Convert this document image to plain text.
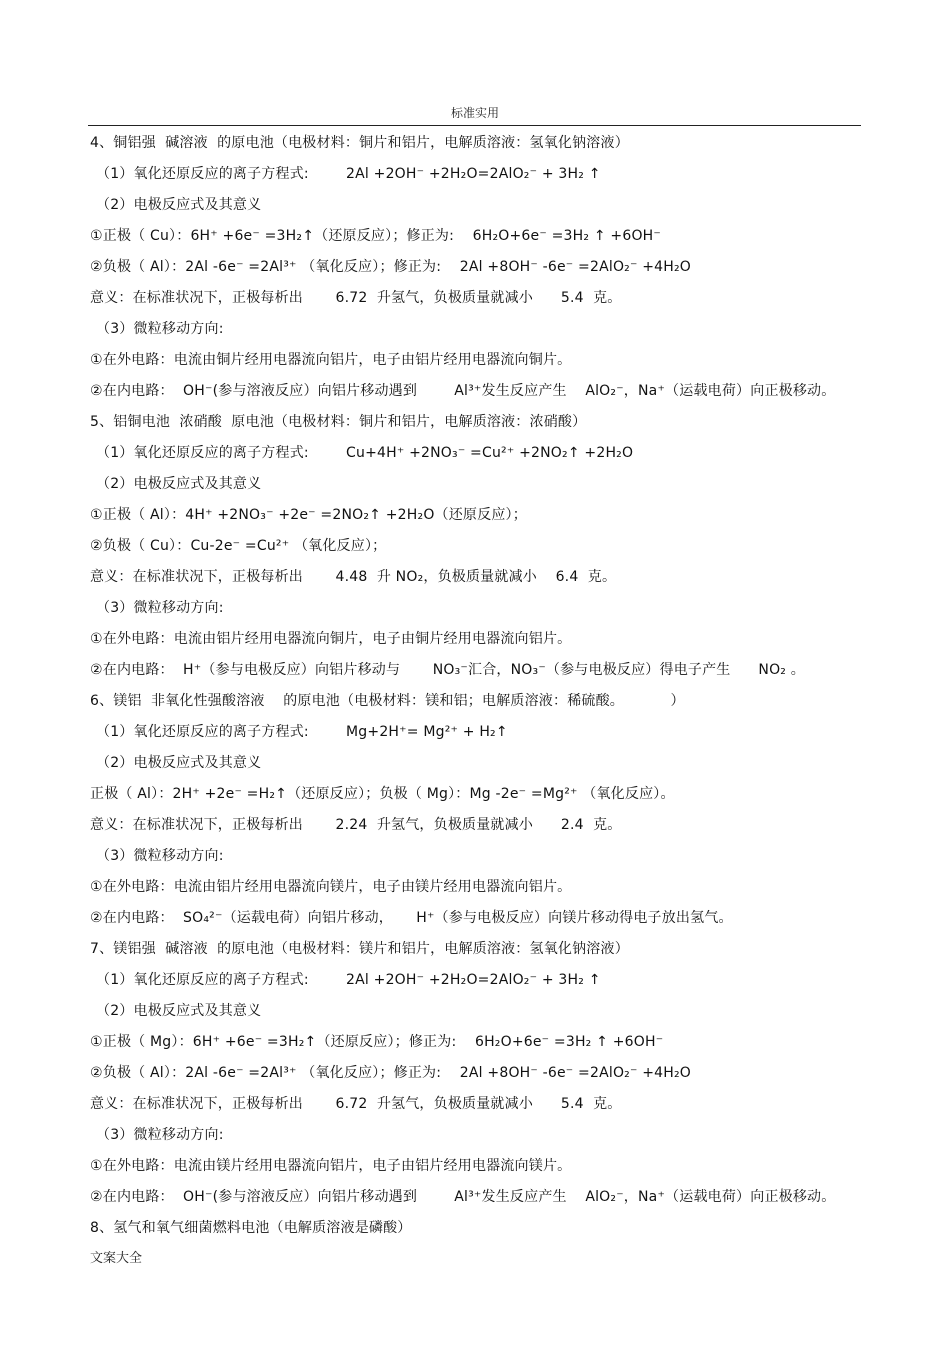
标准实用
4、铜铝强  碱溶液  的原电池（电极材料：铜片和铝片，电解质溶液：氢氧化钠溶液）
（1）氧化还原反应的离子方程式:        2Al +2OH⁻ +2H₂O=2AlO₂⁻ + 3H₂ ↑
（2）电极反应式及其意义
①正极（ Cu）：6H⁺ +6e⁻ =3H₂↑（还原反应）；修正为:    6H₂O+6e⁻ =3H₂ ↑ +6OH⁻
②负极（ Al）：2Al -6e⁻ =2Al³⁺ （氧化反应）；修正为:    2Al +8OH⁻ -6e⁻ =2AlO₂⁻ +4H₂O
意义：在标准状况下，正极每析出       6.72  升氢气，负极质量就减小      5.4  克。
（3）微粒移动方向:
①在外电路：电流由铜片经用电器流向铝片，电子由铝片经用电器流向铜片。
②在内电路：  OH⁻(参与溶液反应）向铝片移动遇到        Al³⁺发生反应产生    AlO₂⁻，Na⁺（运载电荷）向正极移动。
5、铝铜电池  浓硝酸  原电池（电极材料：铜片和铝片，电解质溶液：浓硝酸）
（1）氧化还原反应的离子方程式:        Cu+4H⁺ +2NO₃⁻ =Cu²⁺ +2NO₂↑ +2H₂O
（2）电极反应式及其意义
①正极（ Al）：4H⁺ +2NO₃⁻ +2e⁻ =2NO₂↑ +2H₂O（还原反应）；
②负极（ Cu）：Cu-2e⁻ =Cu²⁺ （氧化反应）；
意义：在标准状况下，正极每析出       4.48  升 NO₂，负极质量就减小    6.4  克。
（3）微粒移动方向:
①在外电路：电流由铝片经用电器流向铜片，电子由铜片经用电器流向铝片。
②在内电路：  H⁺（参与电极反应）向铝片移动与       NO₃⁻汇合，NO₃⁻（参与电极反应）得电子产生      NO₂ 。
6、镁铝  非氧化性强酸溶液    的原电池（电极材料：镁和铝；电解质溶液：稀硫酸。          ）
（1）氧化还原反应的离子方程式:        Mg+2H⁺= Mg²⁺ + H₂↑
（2）电极反应式及其意义
正极（ Al）：2H⁺ +2e⁻ =H₂↑（还原反应）；负极（ Mg）：Mg -2e⁻ =Mg²⁺ （氧化反应）。
意义：在标准状况下，正极每析出       2.24  升氢气，负极质量就减小      2.4  克。
（3）微粒移动方向:
①在外电路：电流由铝片经用电器流向镁片，电子由镁片经用电器流向铝片。
②在内电路：  SO₄²⁻（运载电荷）向铝片移动，     H⁺（参与电极反应）向镁片移动得电子放出氢气。
7、镁铝强  碱溶液  的原电池（电极材料：镁片和铝片，电解质溶液：氢氧化钠溶液）
（1）氧化还原反应的离子方程式:        2Al +2OH⁻ +2H₂O=2AlO₂⁻ + 3H₂ ↑
（2）电极反应式及其意义
①正极（ Mg）：6H⁺ +6e⁻ =3H₂↑（还原反应）；修正为:    6H₂O+6e⁻ =3H₂ ↑ +6OH⁻
②负极（ Al）：2Al -6e⁻ =2Al³⁺ （氧化反应）；修正为:    2Al +8OH⁻ -6e⁻ =2AlO₂⁻ +4H₂O
意义：在标准状况下，正极每析出       6.72  升氢气，负极质量就减小      5.4  克。
（3）微粒移动方向:
①在外电路：电流由镁片经用电器流向铝片，电子由铝片经用电器流向镁片。
②在内电路：  OH⁻(参与溶液反应）向铝片移动遇到        Al³⁺发生反应产生    AlO₂⁻，Na⁺（运载电荷）向正极移动。
8、氢气和氧气细菌燃料电池（电解质溶液是磷酸）
文案大全
